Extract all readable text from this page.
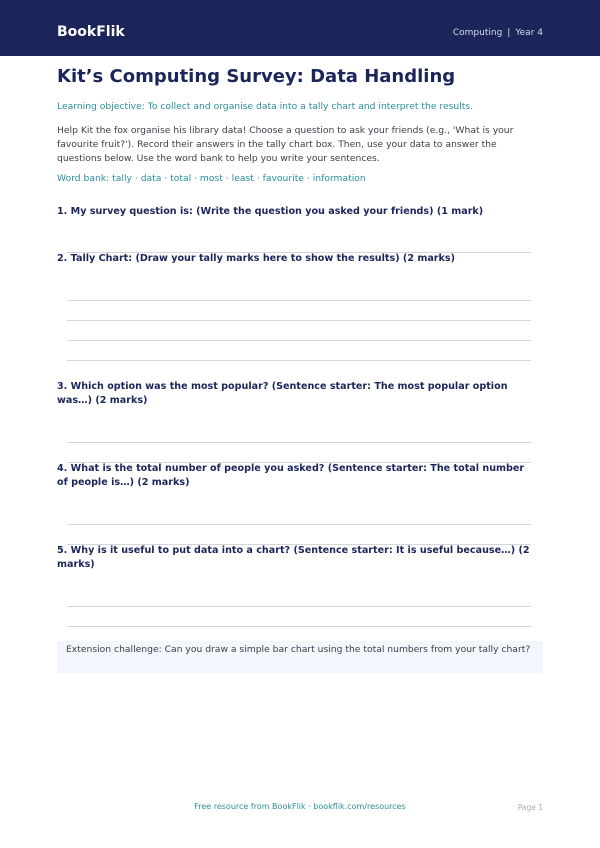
BookFlik	Computing | Year 4
Kit’s Computing Survey: Data Handling
Learning objective: To collect and organise data into a tally chart and interpret the results.
Help Kit the fox organise his library data! Choose a question to ask your friends (e.g., 'What is your favourite fruit?'). Record their answers in the tally chart box. Then, use your data to answer the questions below. Use the word bank to help you write your sentences.
Word bank: tally · data · total · most · least · favourite · information
1. My survey question is: (Write the question you asked your friends) (1 mark)
2. Tally Chart: (Draw your tally marks here to show the results) (2 marks)
3. Which option was the most popular? (Sentence starter: The most popular option was…) (2 marks)
4. What is the total number of people you asked? (Sentence starter: The total number of people is…) (2 marks)
5. Why is it useful to put data into a chart? (Sentence starter: It is useful because…) (2 marks)
Extension challenge: Can you draw a simple bar chart using the total numbers from your tally chart?
Free resource from BookFlik · bookflik.com/resources	Page 1
